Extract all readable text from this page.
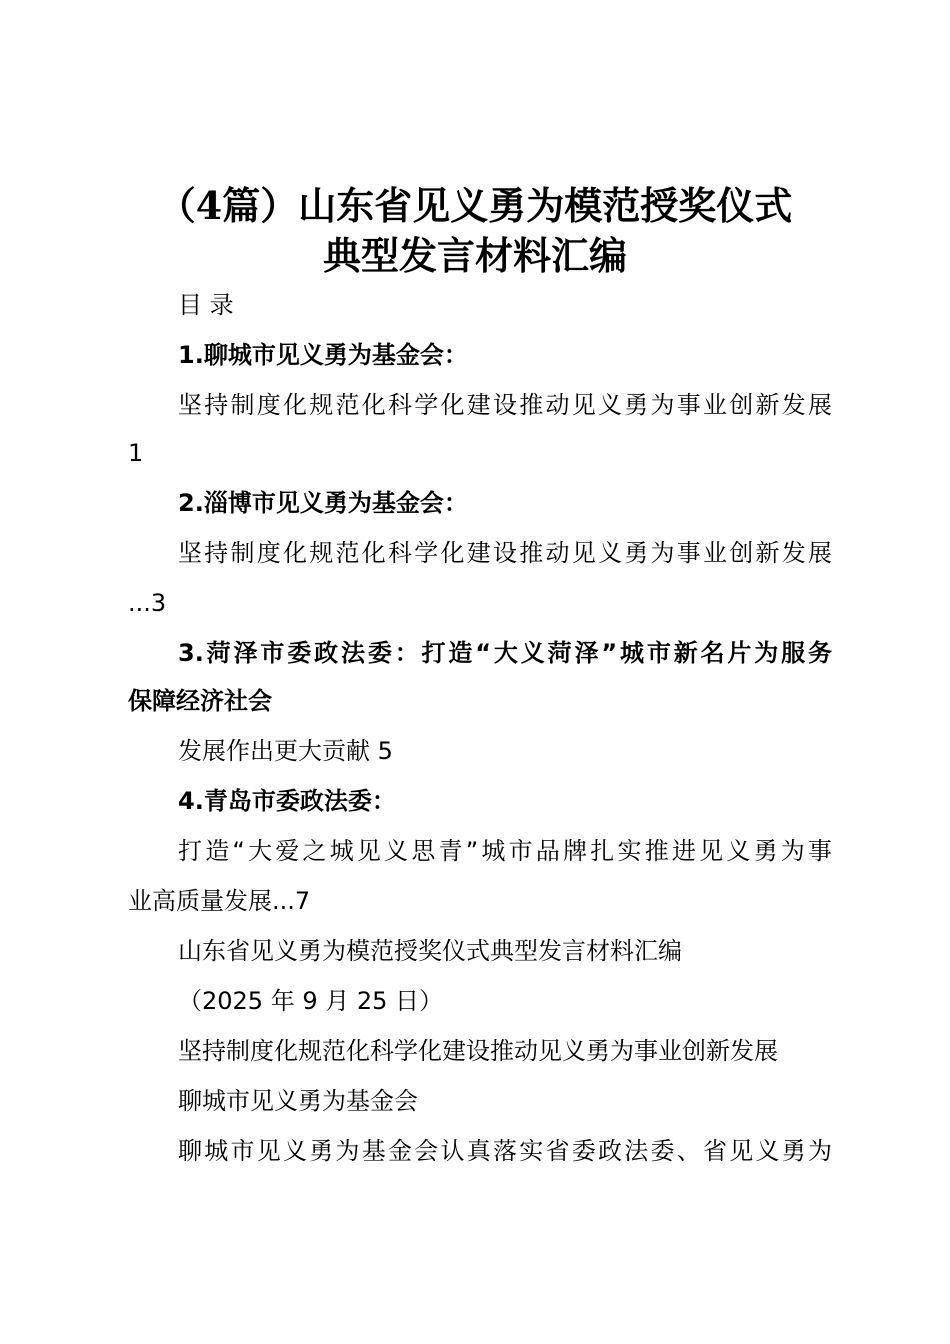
（4篇）山东省见义勇为模范授奖仪式
典型发言材料汇编
目 录
1.聊城市见义勇为基金会：
坚持制度化规范化科学化建设推动见义勇为事业创新发展
1
2.淄博市见义勇为基金会：
坚持制度化规范化科学化建设推动见义勇为事业创新发展
...3
3.菏泽市委政法委：打造“大义菏泽”城市新名片为服务
保障经济社会
发展作出更大贡献 5
4.青岛市委政法委：
打造“大爱之城见义思青”城市品牌扎实推进见义勇为事
业高质量发展...7
山东省见义勇为模范授奖仪式典型发言材料汇编
（2025 年 9 月 25 日）
坚持制度化规范化科学化建设推动见义勇为事业创新发展
聊城市见义勇为基金会
聊城市见义勇为基金会认真落实省委政法委、省见义勇为
